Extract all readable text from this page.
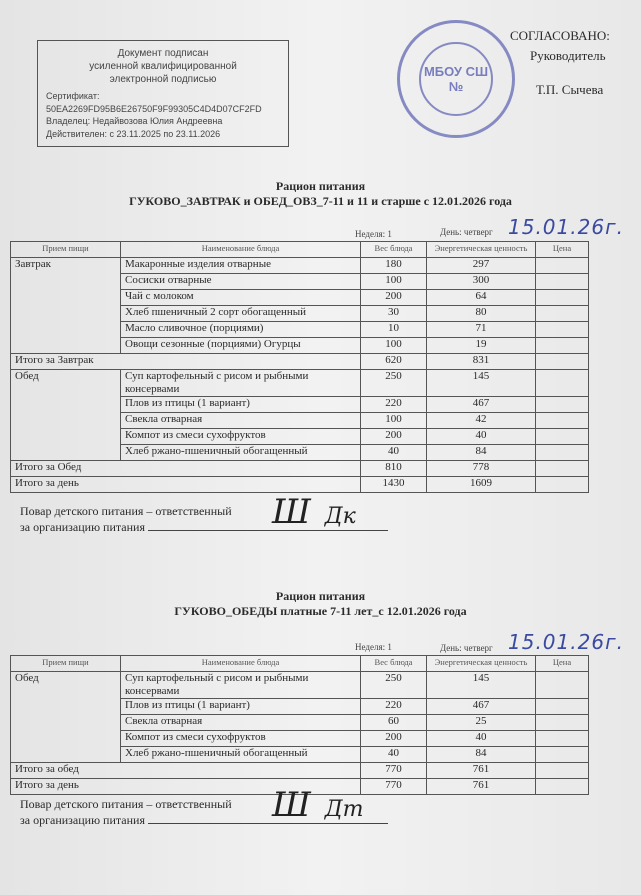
Документ подписан
усиленной квалифицированной
электронной подписью
Сертификат:
50EA2269FD95B6E26750F9F99305C4D4D07CF2FD
Владелец: Недайвозова Юлия Андреевна
Действителен: с 23.11.2025 по 23.11.2026
МБОУ СШ №
СОГЛАСОВАНО:
Руководитель
Т.П. Сычева
Рацион питания
ГУКОВО_ЗАВТРАК и ОБЕД_ОВЗ_7-11 и 11 и старше с 12.01.2026 года
Неделя: 1	День: четверг 15.01.26г.
Прием пищи	Наименование блюда	Вес блюда	Энергетическая ценность	Цена
Завтрак	Макаронные изделия отварные	180	297	
	Сосиски отварные	100	300	
	Чай с молоком	200	64	
	Хлеб пшеничный 2 сорт обогащенный	30	80	
	Масло сливочное (порциями)	10	71	
	Овощи сезонные (порциями) Огурцы	100	19	
Итого за Завтрак		620	831	
Обед	Суп картофельный с рисом и рыбными консервами	250	145	
	Плов из птицы (1 вариант)	220	467	
	Свекла отварная	100	42	
	Компот из смеси сухофруктов	200	40	
	Хлеб ржано-пшеничный обогащенный	40	84	
Итого за Обед		810	778	
Итого за день		1430	1609	
Повар детского питания – ответственный
за организацию питания	Ш  Дк
Рацион питания
ГУКОВО_ОБЕДЫ платные 7-11 лет_с 12.01.2026 года
Неделя: 1	День: четверг 15.01.26г.
Прием пищи	Наименование блюда	Вес блюда	Энергетическая ценность	Цена
Обед	Суп картофельный с рисом и рыбными консервами	250	145	
	Плов из птицы (1 вариант)	220	467	
	Свекла отварная	60	25	
	Компот из смеси сухофруктов	200	40	
	Хлеб ржано-пшеничный обогащенный	40	84	
Итого за обед		770	761	
Итого за день		770	761	
Повар детского питания – ответственный
за организацию питания	Ш  Дт
